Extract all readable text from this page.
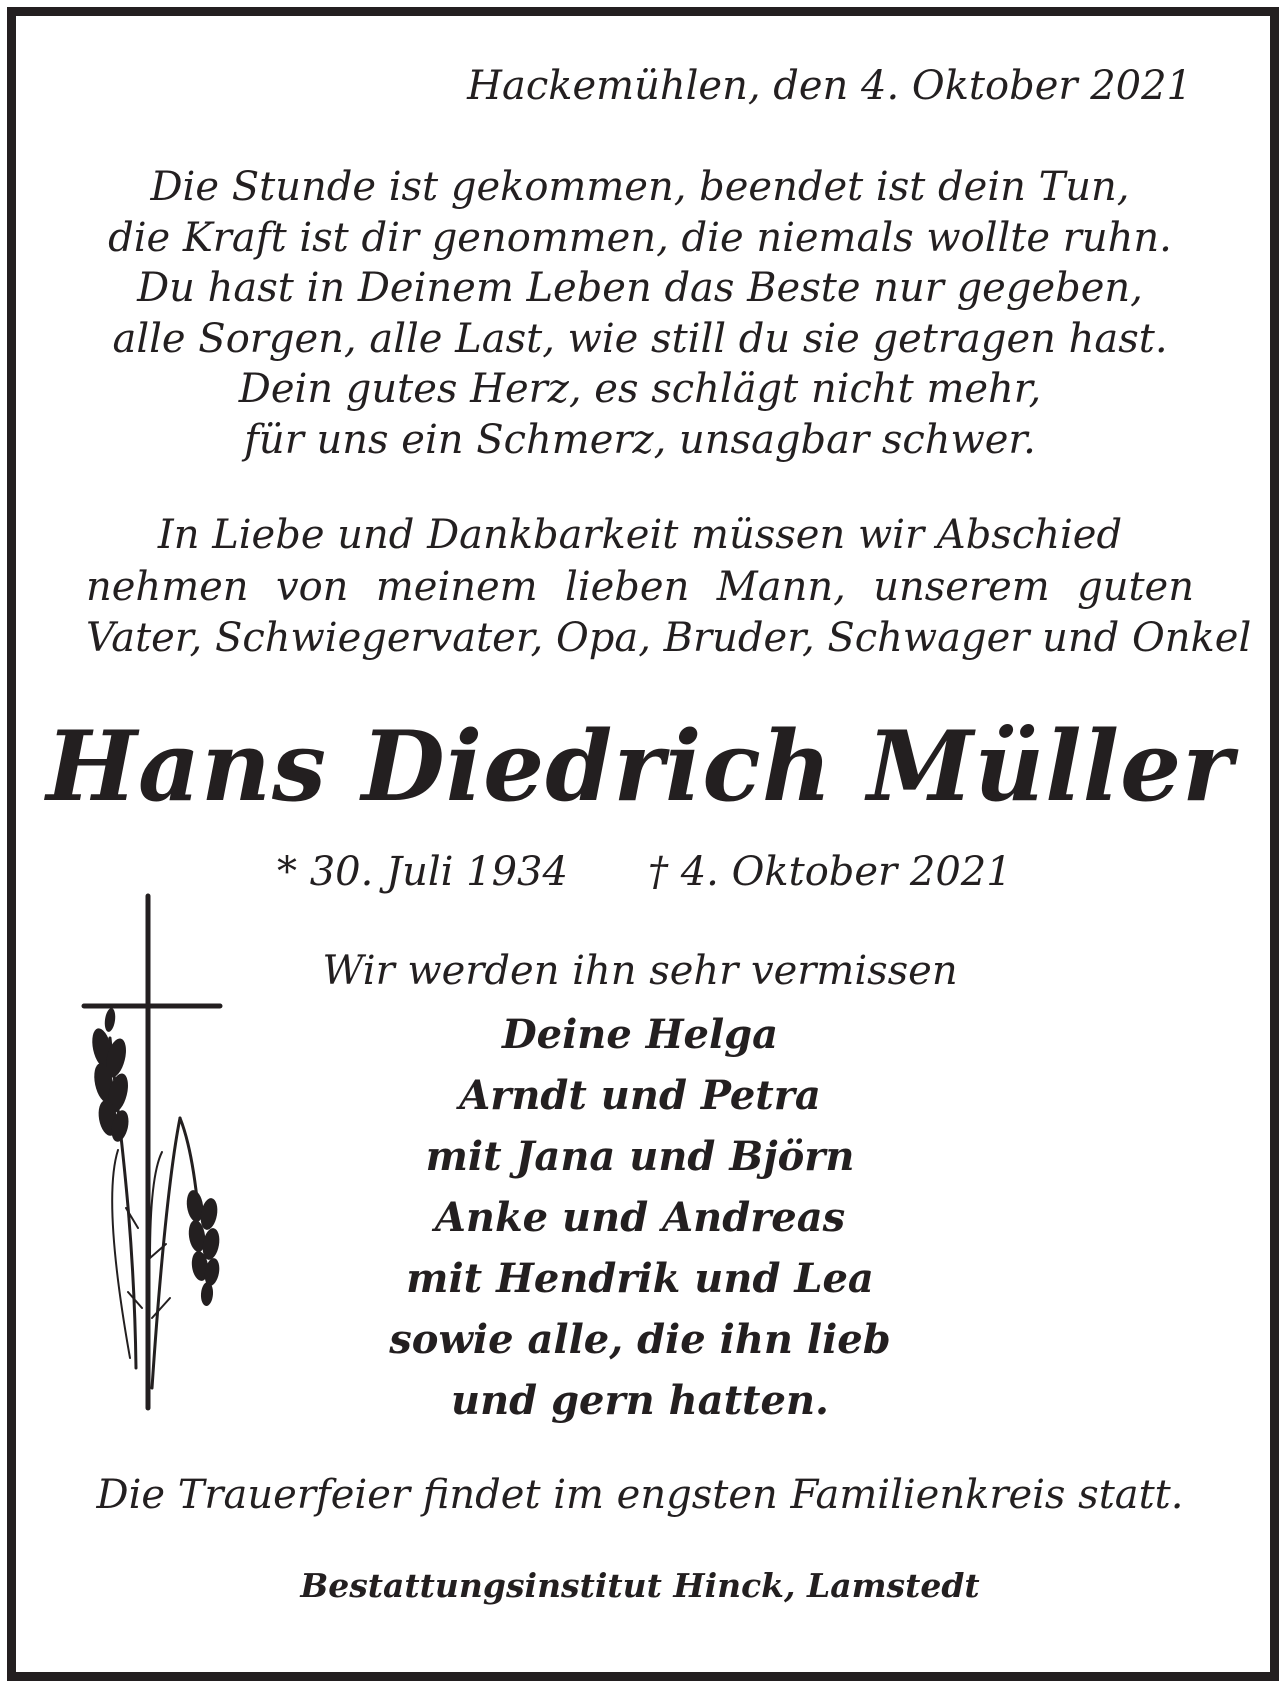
Hackemühlen, den 4. Oktober 2021
Die Stunde ist gekommen, beendet ist dein Tun,
die Kraft ist dir genommen, die niemals wollte ruhn.
Du hast in Deinem Leben das Beste nur gegeben,
alle Sorgen, alle Last, wie still du sie getragen hast.
Dein gutes Herz, es schlägt nicht mehr,
für uns ein Schmerz, unsagbar schwer.
In Liebe und Dankbarkeit müssen wir Abschied
nehmen von meinem lieben Mann, unserem guten
Vater, Schwiegervater, Opa, Bruder, Schwager und Onkel
Hans Diedrich Müller
* 30. Juli 1934 † 4. Oktober 2021
Wir werden ihn sehr vermissen
Deine Helga
Arndt und Petra
mit Jana und Björn
Anke und Andreas
mit Hendrik und Lea
sowie alle, die ihn lieb
und gern hatten.
Die Trauerfeier findet im engsten Familienkreis statt.
Bestattungsinstitut Hinck, Lamstedt
